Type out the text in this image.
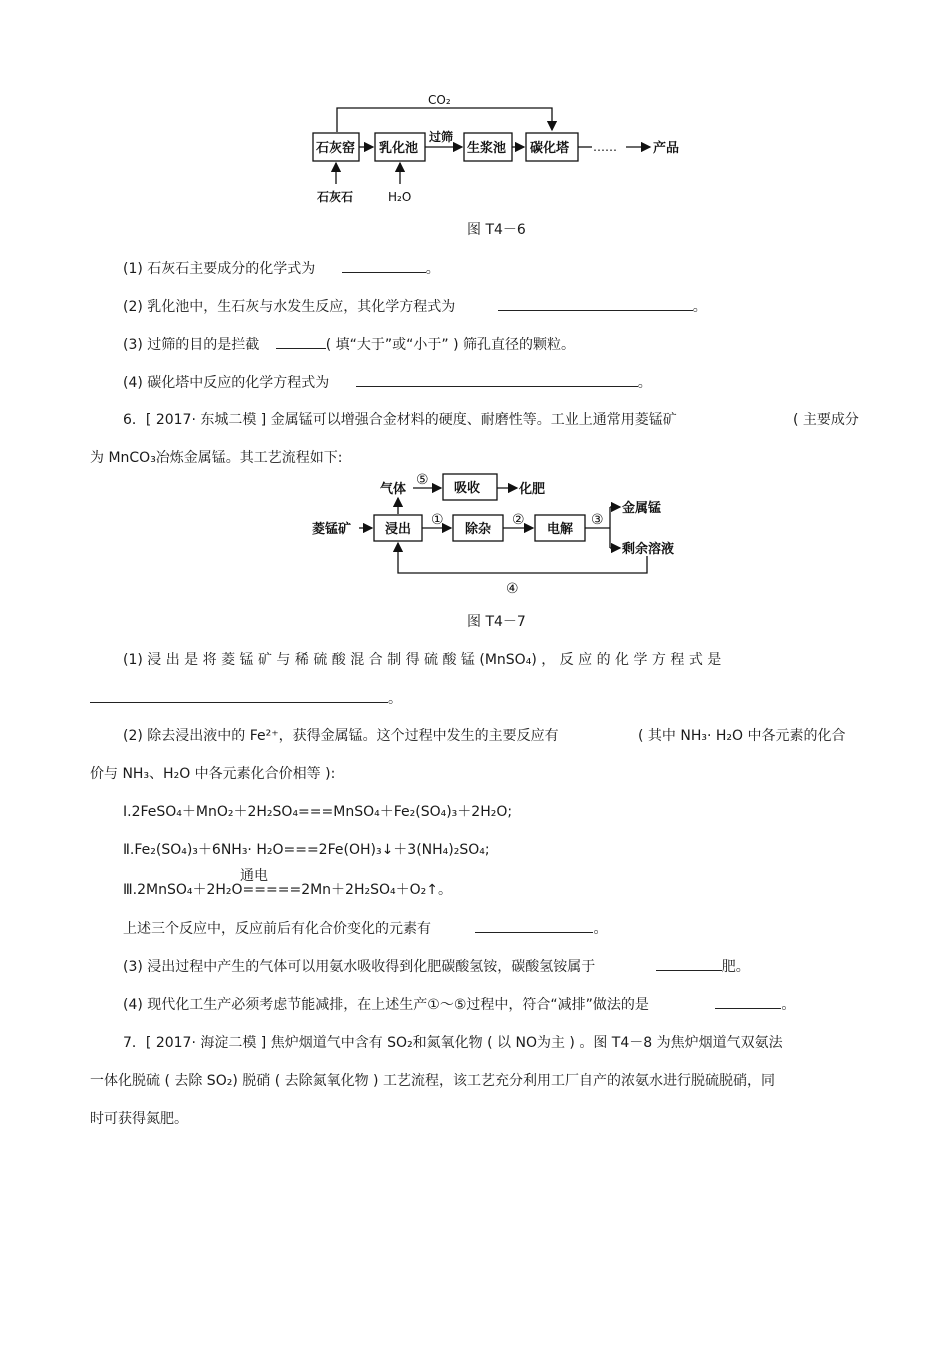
CO₂
石灰窑 乳化池	生浆池 碳化塔
过筛
……	产品
石灰石	H₂O
图 T4－6
(1) 石灰石主要成分的化学式为	。
(2) 乳化池中，生石灰与水发生反应，其化学方程式为	。
(3) 过筛的目的是拦截	( 填“大于”或“小于” ) 筛孔直径的颗粒。
(4) 碳化塔中反应的化学方程式为	。
6．[ 2017· 东城二模 ] 金属锰可以增强合金材料的硬度、耐磨性等。工业上通常用菱锰矿	( 主要成分
为 MnCO₃冶炼金属锰。其工艺流程如下:
气体
⑤
吸收	化肥
菱锰矿	浸出
①
除杂
②
电解
③
金属锰
剩余溶液
④
图 T4－7
(1) 浸 出 是 将 菱 锰 矿 与 稀 硫 酸 混 合 制 得 硫 酸 锰 (MnSO₄) ， 反 应 的 化 学 方 程 式 是
。
(2) 除去浸出液中的 Fe²⁺，获得金属锰。这个过程中发生的主要反应有	( 其中 NH₃· H₂O 中各元素的化合
价与 NH₃、H₂O 中各元素化合价相等 ):
Ⅰ.2FeSO₄＋MnO₂＋2H₂SO₄===MnSO₄＋Fe₂(SO₄)₃＋2H₂O;
Ⅱ.Fe₂(SO₄)₃＋6NH₃· H₂O===2Fe(OH)₃↓＋3(NH₄)₂SO₄;
通电
Ⅲ.2MnSO₄＋2H₂O=====2Mn＋2H₂SO₄＋O₂↑。
上述三个反应中，反应前后有化合价变化的元素有	。
(3) 浸出过程中产生的气体可以用氨水吸收得到化肥碳酸氢铵，碳酸氢铵属于	肥。
(4) 现代化工生产必须考虑节能减排，在上述生产①～⑤过程中，符合“减排”做法的是	。
7．[ 2017· 海淀二模 ] 焦炉烟道气中含有 SO₂和氮氧化物 ( 以 NO为主 ) 。图 T4－8 为焦炉烟道气双氨法
一体化脱硫 ( 去除 SO₂) 脱硝 ( 去除氮氧化物 ) 工艺流程，该工艺充分利用工厂自产的浓氨水进行脱硫脱硝，同
时可获得氮肥。
